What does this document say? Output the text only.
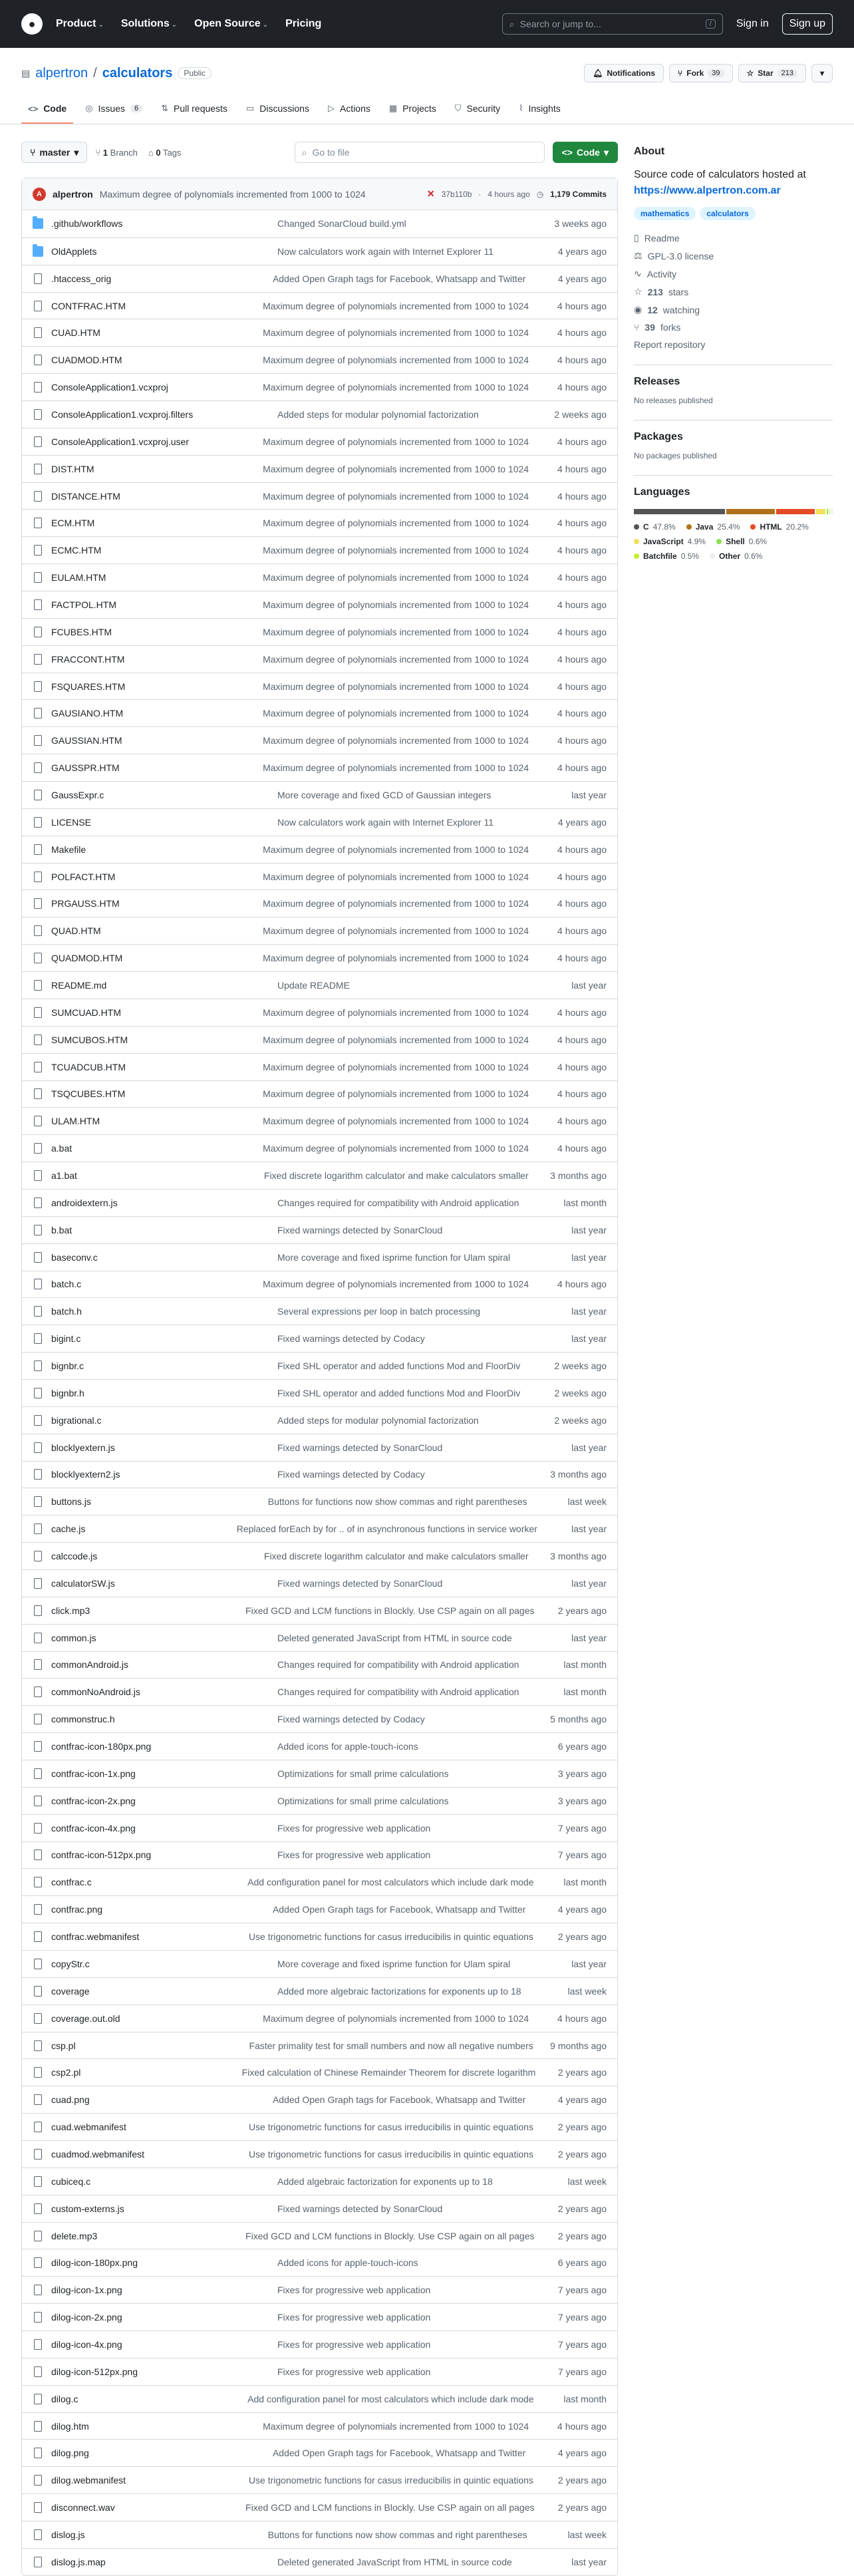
●	Product ⌄ Solutions ⌄ Open Source ⌄ Pricing	⌕ Search or jump to...	/	Sign in	Sign up
▤ alpertron / calculators	Public	🔔︎ Notifications	⑂ Fork	39	☆ Star	213	▾
<> Code ◎ Issues	6	⇅ Pull requests ▭ Discussions ▷ Actions ▦ Projects ⛉ Security ⌇ Insights
⑂ master ▾ ⑂ 1 Branch ⌂ 0 Tags	⌕ Go to file	<> Code ▾
A	alpertron Maximum degree of polynomials incremented from 1000 to 1024	✕ 37b110b · 4 hours ago ◷ 1,179 Commits
.github/workflows	Changed SonarCloud build.yml	3 weeks ago
OldApplets	Now calculators work again with Internet Explorer 11	4 years ago
.htaccess_orig	Added Open Graph tags for Facebook, Whatsapp and Twitter	4 years ago
CONTFRAC.HTM	Maximum degree of polynomials incremented from 1000 to 1024	4 hours ago
CUAD.HTM	Maximum degree of polynomials incremented from 1000 to 1024	4 hours ago
CUADMOD.HTM	Maximum degree of polynomials incremented from 1000 to 1024	4 hours ago
ConsoleApplication1.vcxproj	Maximum degree of polynomials incremented from 1000 to 1024	4 hours ago
ConsoleApplication1.vcxproj.filters	Added steps for modular polynomial factorization	2 weeks ago
ConsoleApplication1.vcxproj.user	Maximum degree of polynomials incremented from 1000 to 1024	4 hours ago
DIST.HTM	Maximum degree of polynomials incremented from 1000 to 1024	4 hours ago
DISTANCE.HTM	Maximum degree of polynomials incremented from 1000 to 1024	4 hours ago
ECM.HTM	Maximum degree of polynomials incremented from 1000 to 1024	4 hours ago
ECMC.HTM	Maximum degree of polynomials incremented from 1000 to 1024	4 hours ago
EULAM.HTM	Maximum degree of polynomials incremented from 1000 to 1024	4 hours ago
FACTPOL.HTM	Maximum degree of polynomials incremented from 1000 to 1024	4 hours ago
FCUBES.HTM	Maximum degree of polynomials incremented from 1000 to 1024	4 hours ago
FRACCONT.HTM	Maximum degree of polynomials incremented from 1000 to 1024	4 hours ago
FSQUARES.HTM	Maximum degree of polynomials incremented from 1000 to 1024	4 hours ago
GAUSIANO.HTM	Maximum degree of polynomials incremented from 1000 to 1024	4 hours ago
GAUSSIAN.HTM	Maximum degree of polynomials incremented from 1000 to 1024	4 hours ago
GAUSSPR.HTM	Maximum degree of polynomials incremented from 1000 to 1024	4 hours ago
GaussExpr.c	More coverage and fixed GCD of Gaussian integers	last year
LICENSE	Now calculators work again with Internet Explorer 11	4 years ago
Makefile	Maximum degree of polynomials incremented from 1000 to 1024	4 hours ago
POLFACT.HTM	Maximum degree of polynomials incremented from 1000 to 1024	4 hours ago
PRGAUSS.HTM	Maximum degree of polynomials incremented from 1000 to 1024	4 hours ago
QUAD.HTM	Maximum degree of polynomials incremented from 1000 to 1024	4 hours ago
QUADMOD.HTM	Maximum degree of polynomials incremented from 1000 to 1024	4 hours ago
README.md	Update README	last year
SUMCUAD.HTM	Maximum degree of polynomials incremented from 1000 to 1024	4 hours ago
SUMCUBOS.HTM	Maximum degree of polynomials incremented from 1000 to 1024	4 hours ago
TCUADCUB.HTM	Maximum degree of polynomials incremented from 1000 to 1024	4 hours ago
TSQCUBES.HTM	Maximum degree of polynomials incremented from 1000 to 1024	4 hours ago
ULAM.HTM	Maximum degree of polynomials incremented from 1000 to 1024	4 hours ago
a.bat	Maximum degree of polynomials incremented from 1000 to 1024	4 hours ago
a1.bat	Fixed discrete logarithm calculator and make calculators smaller	3 months ago
androidextern.js	Changes required for compatibility with Android application	last month
b.bat	Fixed warnings detected by SonarCloud	last year
baseconv.c	More coverage and fixed isprime function for Ulam spiral	last year
batch.c	Maximum degree of polynomials incremented from 1000 to 1024	4 hours ago
batch.h	Several expressions per loop in batch processing	last year
bigint.c	Fixed warnings detected by Codacy	last year
bignbr.c	Fixed SHL operator and added functions Mod and FloorDiv	2 weeks ago
bignbr.h	Fixed SHL operator and added functions Mod and FloorDiv	2 weeks ago
bigrational.c	Added steps for modular polynomial factorization	2 weeks ago
blocklyextern.js	Fixed warnings detected by SonarCloud	last year
blocklyextern2.js	Fixed warnings detected by Codacy	3 months ago
buttons.js	Buttons for functions now show commas and right parentheses	last week
cache.js	Replaced forEach by for .. of in asynchronous functions in service worker	last year
calccode.js	Fixed discrete logarithm calculator and make calculators smaller	3 months ago
calculatorSW.js	Fixed warnings detected by SonarCloud	last year
click.mp3	Fixed GCD and LCM functions in Blockly. Use CSP again on all pages	2 years ago
common.js	Deleted generated JavaScript from HTML in source code	last year
commonAndroid.js	Changes required for compatibility with Android application	last month
commonNoAndroid.js	Changes required for compatibility with Android application	last month
commonstruc.h	Fixed warnings detected by Codacy	5 months ago
contfrac-icon-180px.png	Added icons for apple-touch-icons	6 years ago
contfrac-icon-1x.png	Optimizations for small prime calculations	3 years ago
contfrac-icon-2x.png	Optimizations for small prime calculations	3 years ago
contfrac-icon-4x.png	Fixes for progressive web application	7 years ago
contfrac-icon-512px.png	Fixes for progressive web application	7 years ago
contfrac.c	Add configuration panel for most calculators which include dark mode	last month
contfrac.png	Added Open Graph tags for Facebook, Whatsapp and Twitter	4 years ago
contfrac.webmanifest	Use trigonometric functions for casus irreducibilis in quintic equations	2 years ago
copyStr.c	More coverage and fixed isprime function for Ulam spiral	last year
coverage	Added more algebraic factorizations for exponents up to 18	last week
coverage.out.old	Maximum degree of polynomials incremented from 1000 to 1024	4 hours ago
csp.pl	Faster primality test for small numbers and now all negative numbers	9 months ago
csp2.pl	Fixed calculation of Chinese Remainder Theorem for discrete logarithm	2 years ago
cuad.png	Added Open Graph tags for Facebook, Whatsapp and Twitter	4 years ago
cuad.webmanifest	Use trigonometric functions for casus irreducibilis in quintic equations	2 years ago
cuadmod.webmanifest	Use trigonometric functions for casus irreducibilis in quintic equations	2 years ago
cubiceq.c	Added algebraic factorization for exponents up to 18	last week
custom-externs.js	Fixed warnings detected by SonarCloud	2 years ago
delete.mp3	Fixed GCD and LCM functions in Blockly. Use CSP again on all pages	2 years ago
dilog-icon-180px.png	Added icons for apple-touch-icons	6 years ago
dilog-icon-1x.png	Fixes for progressive web application	7 years ago
dilog-icon-2x.png	Fixes for progressive web application	7 years ago
dilog-icon-4x.png	Fixes for progressive web application	7 years ago
dilog-icon-512px.png	Fixes for progressive web application	7 years ago
dilog.c	Add configuration panel for most calculators which include dark mode	last month
dilog.htm	Maximum degree of polynomials incremented from 1000 to 1024	4 hours ago
dilog.png	Added Open Graph tags for Facebook, Whatsapp and Twitter	4 years ago
dilog.webmanifest	Use trigonometric functions for casus irreducibilis in quintic equations	2 years ago
disconnect.wav	Fixed GCD and LCM functions in Blockly. Use CSP again on all pages	2 years ago
dislog.js	Buttons for functions now show commas and right parentheses	last week
dislog.js.map	Deleted generated JavaScript from HTML in source code	last year
About
Source code of calculators hosted at
https://www.alpertron.com.ar
mathematics	calculators
▯ Readme
⚖ GPL-3.0 license
∿ Activity
☆ 213 stars
◉ 12 watching
⑂ 39 forks
Report repository
Releases
No releases published
Packages
No packages published
Languages
C 47.8%	Java 25.4%	HTML 20.2%
JavaScript 4.9%	Shell 0.6%
Batchfile 0.5%	Other 0.6%
